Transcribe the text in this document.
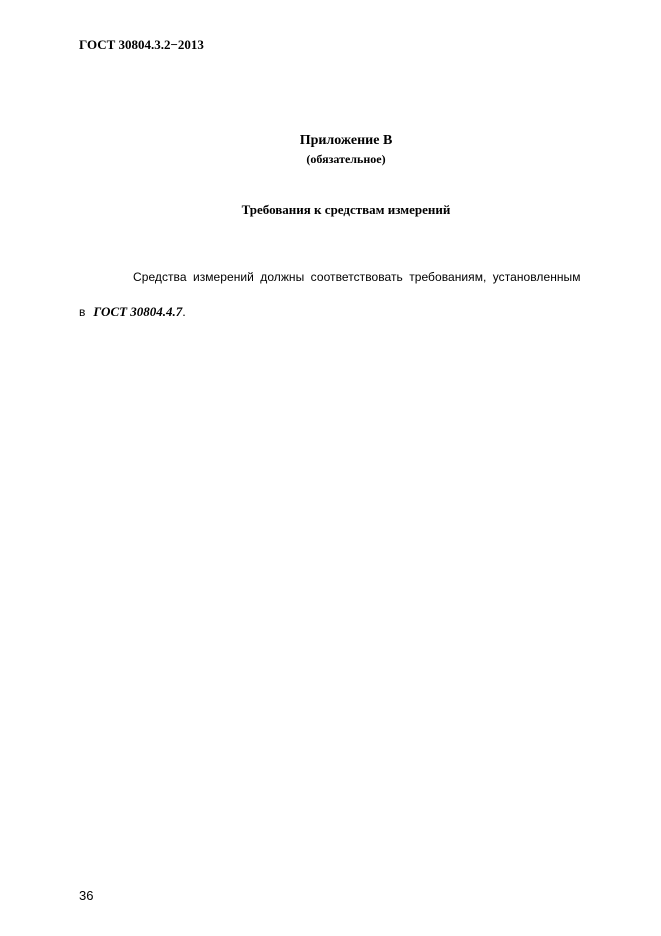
ГОСТ 30804.3.2−2013

Приложение В

(обязательное)

Требования к средствам измерений

Средства измерений должны соответствовать требованиям, установленным

в ГОСТ 30804.4.7.

36
